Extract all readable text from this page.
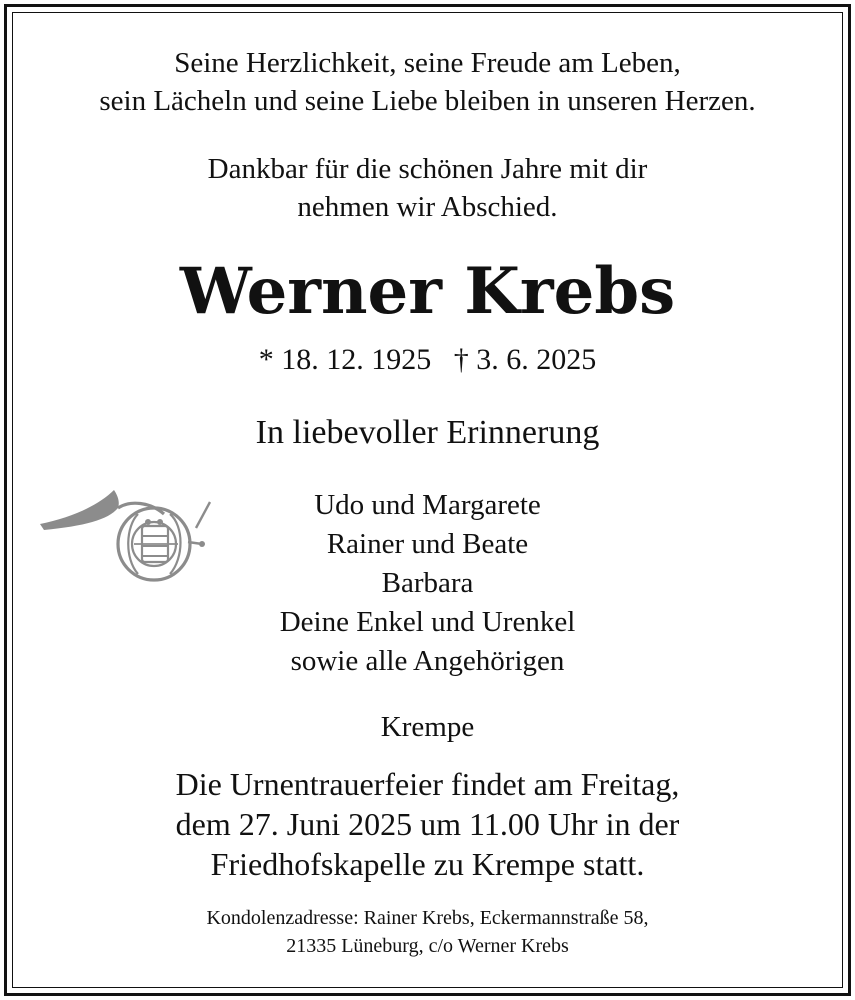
Seine Herzlichkeit, seine Freude am Leben,
sein Lächeln und seine Liebe bleiben in unseren Herzen.
Dankbar für die schönen Jahre mit dir
nehmen wir Abschied.
Werner Krebs
* 18. 12. 1925   † 3. 6. 2025
In liebevoller Erinnerung
Udo und Margarete
Rainer und Beate
Barbara
Deine Enkel und Urenkel
sowie alle Angehörigen
Krempe
Die Urnentrauerfeier findet am Freitag,
dem 27. Juni 2025 um 11.00 Uhr in der
Friedhofskapelle zu Krempe statt.
Kondolenzadresse: Rainer Krebs, Eckermannstraße 58,
21335 Lüneburg, c/o Werner Krebs
